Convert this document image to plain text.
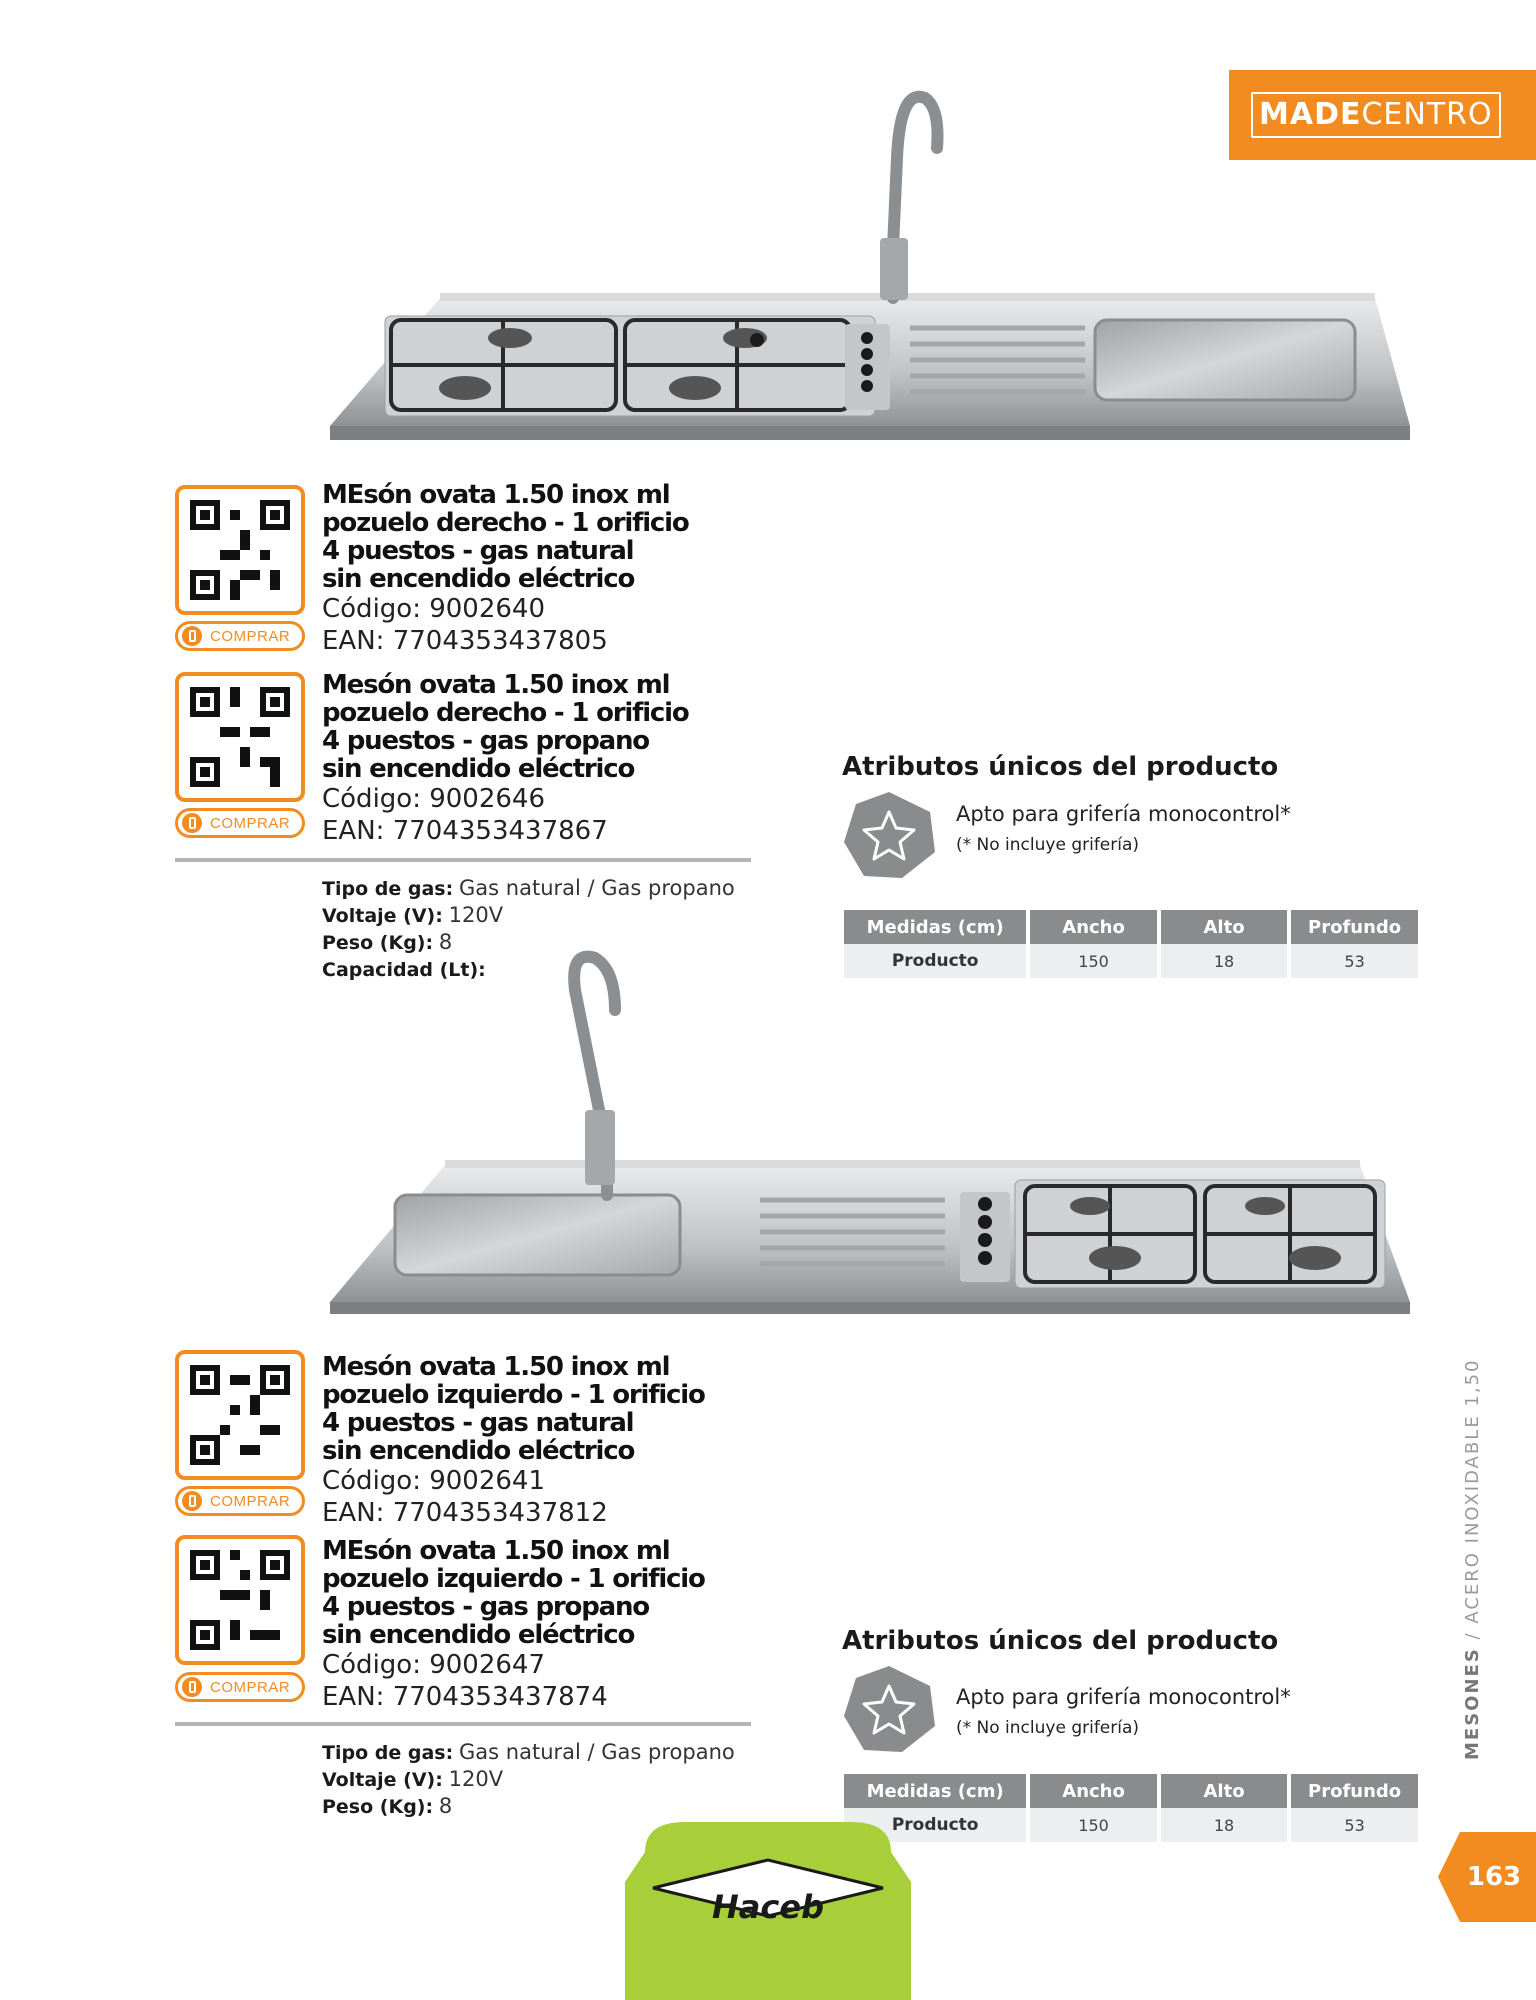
MADECENTRO
COMPRAR
COMPRAR
MEsón ovata 1.50 inox ml
pozuelo derecho - 1 orificio
4 puestos - gas natural
sin encendido eléctrico
Código: 9002640
EAN: 7704353437805
Mesón ovata 1.50 inox ml
pozuelo derecho - 1 orificio
4 puestos - gas propano
sin encendido eléctrico
Código: 9002646
EAN: 7704353437867
Tipo de gas: Gas natural / Gas propano
Voltaje (V): 120V
Peso (Kg): 8
Capacidad (Lt):
Atributos únicos del producto
Apto para grifería monocontrol*
(* No incluye grifería)
Medidas (cm)	Ancho	Alto	Profundo
Producto	150	18	53
COMPRAR
COMPRAR
Mesón ovata 1.50 inox ml
pozuelo izquierdo - 1 orificio
4 puestos - gas natural
sin encendido eléctrico
Código: 9002641
EAN: 7704353437812
MEsón ovata 1.50 inox ml
pozuelo izquierdo - 1 orificio
4 puestos - gas propano
sin encendido eléctrico
Código: 9002647
EAN: 7704353437874
Tipo de gas: Gas natural / Gas propano
Voltaje (V): 120V
Peso (Kg): 8
Atributos únicos del producto
Apto para grifería monocontrol*
(* No incluye grifería)
Medidas (cm)	Ancho	Alto	Profundo
Producto	150	18	53
MESONES / ACERO INOXIDABLE 1,50
163
Haceb
